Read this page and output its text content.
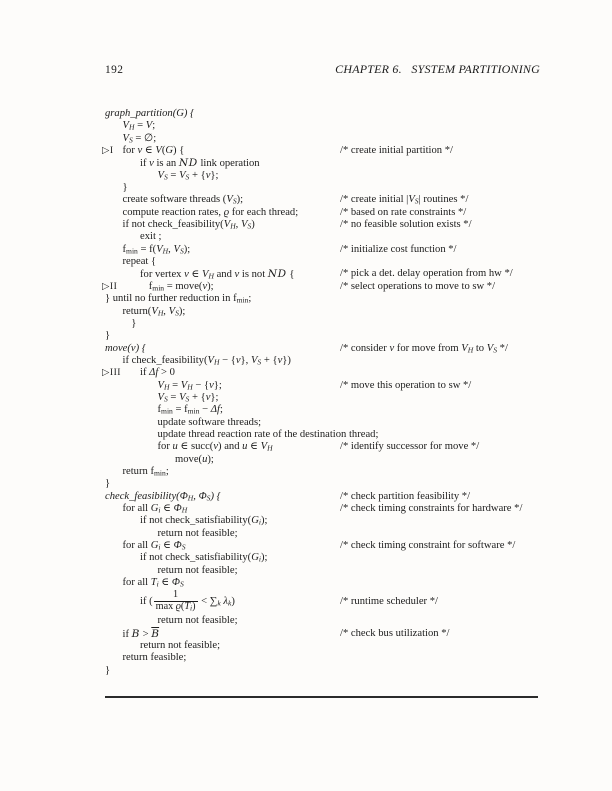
192	CHAPTER 6.   SYSTEM PARTITIONING
graph_partition(G) {
VH = V;
VS = ∅;
▷I for v ∈ V(G) {	/* create initial partition */
if v is an ND link operation
VS = VS + {v};
}
create software threads (VS);	/* create initial |VS| routines */
compute reaction rates, ϱ for each thread;	/* based on rate constraints */
if not check_feasibility(VH, VS)	/* no feasible solution exists */
exit ;
fmin = f(VH, VS);	/* initialize cost function */
repeat {
for vertex v ∈ VH and v is not ND {	/* pick a det. delay operation from hw */
▷II	fmin = move(v);	/* select operations to move to sw */
} until no further reduction in fmin;
return(VH, VS);
}
}
move(v) {	/* consider v for move from VH to VS */
if check_feasibility(VH − {v}, VS + {v})
▷III if Δf > 0
VH = VH − {v};	/* move this operation to sw */
VS = VS + {v};
fmin = fmin − Δf;
update software threads;
update thread reaction rate of the destination thread;
for u ∈ succ(v) and u ∈ VH	/* identify successor for move */
move(u);
return fmin;
}
check_feasibility(ΦH, ΦS) {	/* check partition feasibility */
for all Gi ∈ ΦH	/* check timing constraints for hardware */
if not check_satisfiability(Gi);
return not feasible;
for all Gi ∈ ΦS	/* check timing constraint for software */
if not check_satisfiability(Gi);
return not feasible;
for all Ti ∈ ΦS
if ( $\frac{1}{\text{max ϱ(Ti)}} < \sum k$ λk)	/* runtime scheduler */
return not feasible;
if $B > \overline{B}$	/* check bus utilization */
return not feasible;
return feasible;
}
